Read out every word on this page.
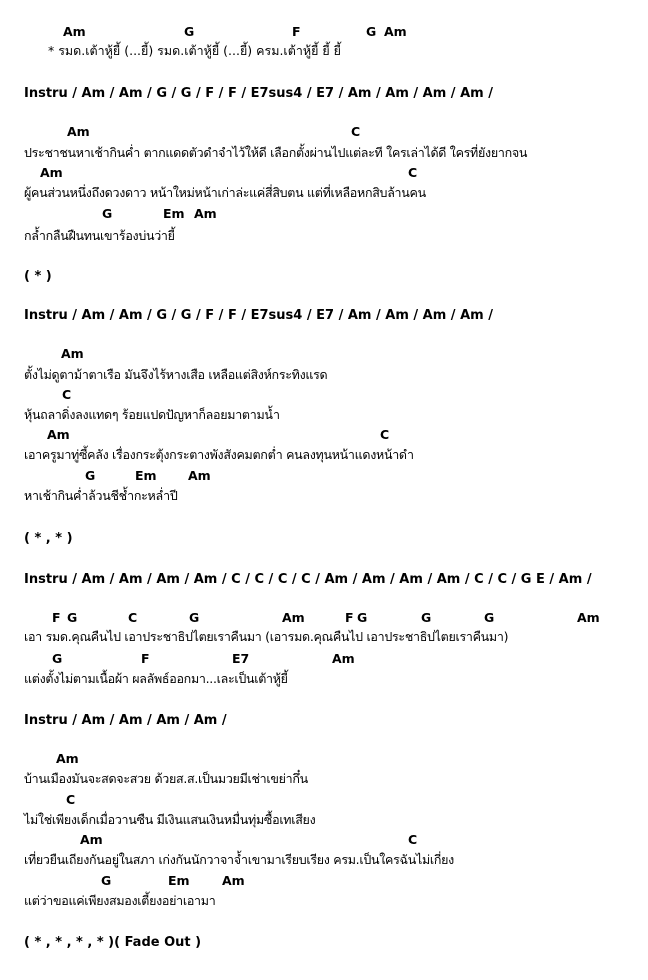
Am	G	F	G Am
* รมด.เต้าหู้ยี้ (...ยี้) รมด.เต้าหู้ยี้ (...ยี้) ครม.เต้าหู้ยี้ ยี้ ยี้
Instru / Am / Am / G / G / F / F / E7sus4 / E7 / Am / Am / Am / Am /
Am	C
ประชาชนหาเช้ากินค่ำ ตากแดดตัวดำจำไว้ให้ดี เลือกตั้งผ่านไปแต่ละที ใครเล่าได้ดี ใครที่ยังยากจน
Am	C
ผู้คนส่วนหนึ่งถึงดวงดาว หน้าใหม่หน้าเก่าล่ะแค่สี่สิบตน แต่ที่เหลือหกสิบล้านคน
G	Em Am
กล้ำกลืนฝืนทนเขาร้องบ่นว่ายี้
( * )
Instru / Am / Am / G / G / F / F / E7sus4 / E7 / Am / Am / Am / Am /
Am
ตั้งไม่ดูตาม้าตาเรือ มันจึงไร้หางเสือ เหลือแต่สิงห์กระทิงแรด
C
หุ้นถลาดิ่งลงแทดๆ ร้อยแปดปัญหาก็ลอยมาตามน้ำ
Am	C
เอาครูมาทู่ซี้คลัง เรื่องกระตุ้งกระตางพังสังคมตกต่ำ คนลงทุนหน้าแดงหน้าดำ
G	Em	Am
หาเช้ากินค่ำล้วนชีช้ำกะหล่ำปี
( * , * )
Instru / Am / Am / Am / Am / C / C / C / C / Am / Am / Am / Am / C / C / G E / Am /
F G	C	G	Am	F G	G	G	Am
เอา รมด.คุณคืนไป เอาประชาธิปไตยเราคืนมา (เอารมด.คุณคืนไป เอาประชาธิปไตยเราคืนมา)
G	F	E7	Am
แต่งตั้งไม่ตามเนื้อผ้า ผลลัพธ์ออกมา...เละเป็นเต้าหู้ยี้
Instru / Am / Am / Am / Am /
Am
บ้านเมืองมันจะสดจะสวย ด้วยส.ส.เป็นมวยมีเช่าเขย่ากึ๋น
C
ไม่ใช่เพียงเด็กเมื่อวานซืน มีเงินแสนเงินหมื่นทุ่มซื้อเทเสียง
Am	C
เที่ยวยืนเถียงกันอยู่ในสภา เก่งกันนักวาจาจ้ำเขามาเรียบเรียง ครม.เป็นใครฉันไม่เกี่ยง
G	Em	Am
แต่ว่าขอแค่เพียงสมองเตี้ยงอย่าเอามา
( * , * , * , * )( Fade Out )
